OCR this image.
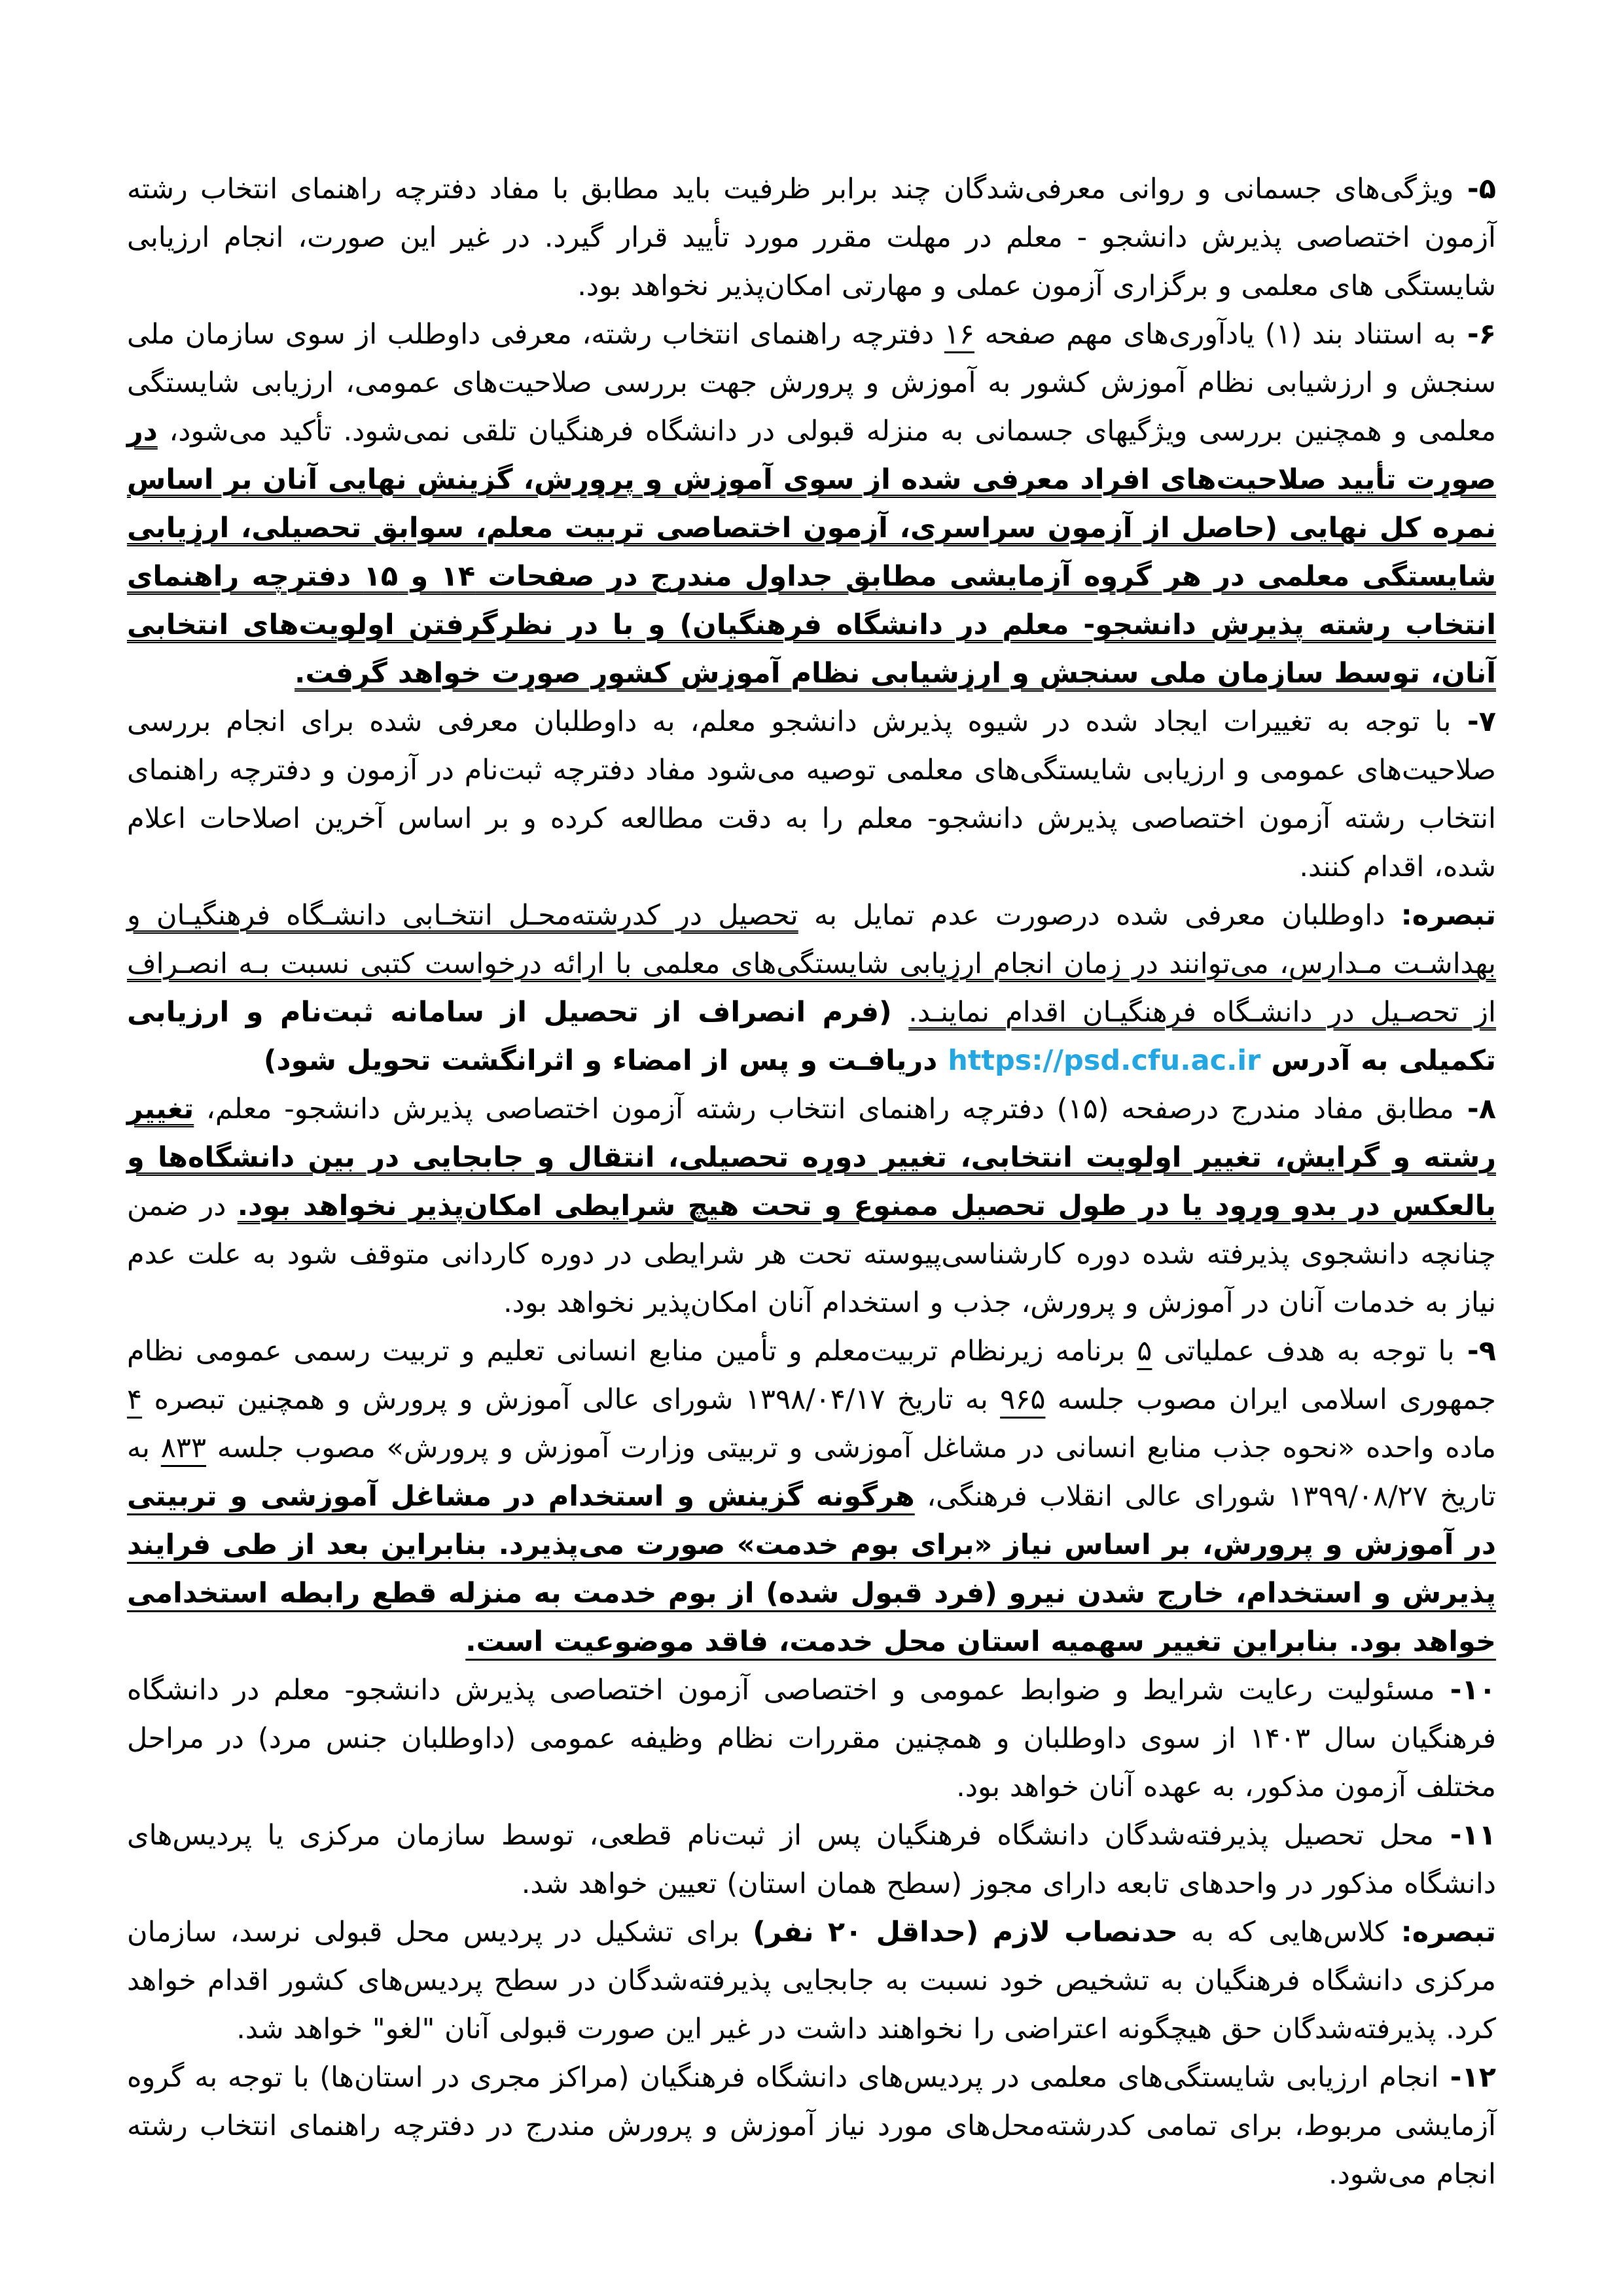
۵- ویژگی‌های جسمانی و روانی معرفی‌شدگان چند برابر ظرفیت باید مطابق با مفاد دفترچه راهنمای انتخاب رشته آزمون اختصاصی پذیرش دانشجو - معلم در مهلت مقرر مورد تأیید قرار گیرد. در غیر این صورت، انجام ارزیابی شایستگی های معلمی و برگزاری آزمون عملی و مهارتی امکان‌پذیر نخواهد بود.

۶- به استناد بند (۱) یادآوری‌های مهم صفحه ۱۶ دفترچه راهنمای انتخاب رشته، معرفی داوطلب از سوی سازمان ملی سنجش و ارزشیابی نظام آموزش کشور به آموزش و پرورش جهت بررسی صلاحیت‌های عمومی، ارزیابی شایستگی معلمی و همچنین بررسی ویژگیهای جسمانی به منزله قبولی در دانشگاه فرهنگیان تلقی نمی‌شود. تأکید می‌شود، در صورت تأیید صلاحیت‌های افراد معرفی شده از سوی آموزش و پرورش، گزینش نهایی آنان بر اساس نمره کل نهایی (حاصل از آزمون سراسری، آزمون اختصاصی تربیت معلم، سوابق تحصیلی، ارزیابی شایستگی معلمی در هر گروه آزمایشی مطابق جداول مندرج در صفحات ۱۴ و ۱۵ دفترچه راهنمای انتخاب رشته پذیرش دانشجو- معلم در دانشگاه فرهنگیان) و با در نظرگرفتن اولویت‌های انتخابی آنان، توسط سازمان ملی سنجش و ارزشیابی نظام آموزش کشور صورت خواهد گرفت.

۷- با توجه به تغییرات ایجاد شده در شیوه پذیرش دانشجو معلم، به داوطلبان معرفی شده برای انجام بررسی صلاحیت‌های عمومی و ارزیابی شایستگی‌های معلمی توصیه می‌شود مفاد دفترچه ثبت‌نام در آزمون و دفترچه راهنمای انتخاب رشته آزمون اختصاصی پذیرش دانشجو- معلم را به دقت مطالعه کرده و بر اساس آخرین اصلاحات اعلام شده، اقدام کنند.

تبصره: داوطلبان معرفی شده درصورت عدم تمایل به تحصیل در کدرشته‌محـل انتخـابی دانشـگاه فرهنگیـان و بهداشـت مـدارس، می‌توانند در زمان انجام ارزیابی شایستگی‌های معلمی با ارائه درخواست کتبی نسبت بـه انصـراف از تحصـیل در دانشـگاه فرهنگیـان اقدام نماینـد. (فرم انصراف از تحصیل از سامانه ثبت‌نام و ارزیابی تکمیلی به آدرس https://psd.cfu.ac.ir دریافـت و پس از امضاء و اثرانگشت تحویل شود)

۸- مطابق مفاد مندرج درصفحه (۱۵) دفترچه راهنمای انتخاب رشته آزمون اختصاصی پذیرش دانشجو- معلم، تغییر رشته و گرایش، تغییر اولویت انتخابی، تغییر دوره تحصیلی، انتقال و جابجایی در بین دانشگاه‌ها و بالعکس در بدو ورود یا در طول تحصیل ممنوع و تحت هیچ شرایطی امکان‌پذیر نخواهد بود. در ضمن چنانچه دانشجوی پذیرفته شده دوره کارشناسی‌پیوسته تحت هر شرایطی در دوره کاردانی متوقف شود به علت عدم نیاز به خدمات آنان در آموزش و پرورش، جذب و استخدام آنان امکان‌پذیر نخواهد بود.

۹- با توجه به هدف عملیاتی ۵ برنامه زیرنظام تربیت‌معلم و تأمین منابع انسانی تعلیم و تربیت رسمی عمومی نظام جمهوری اسلامی ایران مصوب جلسه ۹۶۵ به تاریخ ۱۳۹۸/۰۴/۱۷ شورای عالی آموزش و پرورش و همچنین تبصره ۴ ماده واحده «نحوه جذب منابع انسانی در مشاغل آموزشی و تربیتی وزارت آموزش و پرورش» مصوب جلسه ۸۳۳ به تاریخ ۱۳۹۹/۰۸/۲۷ شورای عالی انقلاب فرهنگی، هرگونه گزینش و استخدام در مشاغل آموزشی و تربیتی در آموزش و پرورش، بر اساس نیاز «برای بوم خدمت» صورت می‌پذیرد. بنابراین بعد از طی فرایند پذیرش و استخدام، خارج شدن نیرو (فرد قبول شده) از بوم خدمت به منزله قطع رابطه استخدامی خواهد بود. بنابراین تغییر سهمیه استان محل خدمت، فاقد موضوعیت است.

۱۰- مسئولیت رعایت شرایط و ضوابط عمومی و اختصاصی آزمون اختصاصی پذیرش دانشجو- معلم در دانشگاه فرهنگیان سال ۱۴۰۳ از سوی داوطلبان و همچنین مقررات نظام وظیفه عمومی (داوطلبان جنس مرد) در مراحل مختلف آزمون مذکور، به عهده آنان خواهد بود.

۱۱- محل تحصیل پذیرفته‌شدگان دانشگاه فرهنگیان پس از ثبت‌نام قطعی، توسط سازمان مرکزی یا پردیس‌های دانشگاه مذکور در واحدهای تابعه دارای مجوز (سطح همان استان) تعیین خواهد شد.

تبصره: کلاس‌هایی که به حدنصاب لازم (حداقل ۲۰ نفر) برای تشکیل در پردیس محل قبولی نرسد، سازمان مرکزی دانشگاه فرهنگیان به تشخیص خود نسبت به جابجایی پذیرفته‌شدگان در سطح پردیس‌های کشور اقدام خواهد کرد. پذیرفته‌شدگان حق هیچگونه اعتراضی را نخواهند داشت در غیر این صورت قبولی آنان "لغو" خواهد شد.

۱۲- انجام ارزیابی شایستگی‌های معلمی در پردیس‌های دانشگاه فرهنگیان (مراکز مجری در استان‌ها) با توجه به گروه آزمایشی مربوط، برای تمامی کدرشته‌محل‌های مورد نیاز آموزش و پرورش مندرج در دفترچه راهنمای انتخاب رشته انجام می‌شود.
